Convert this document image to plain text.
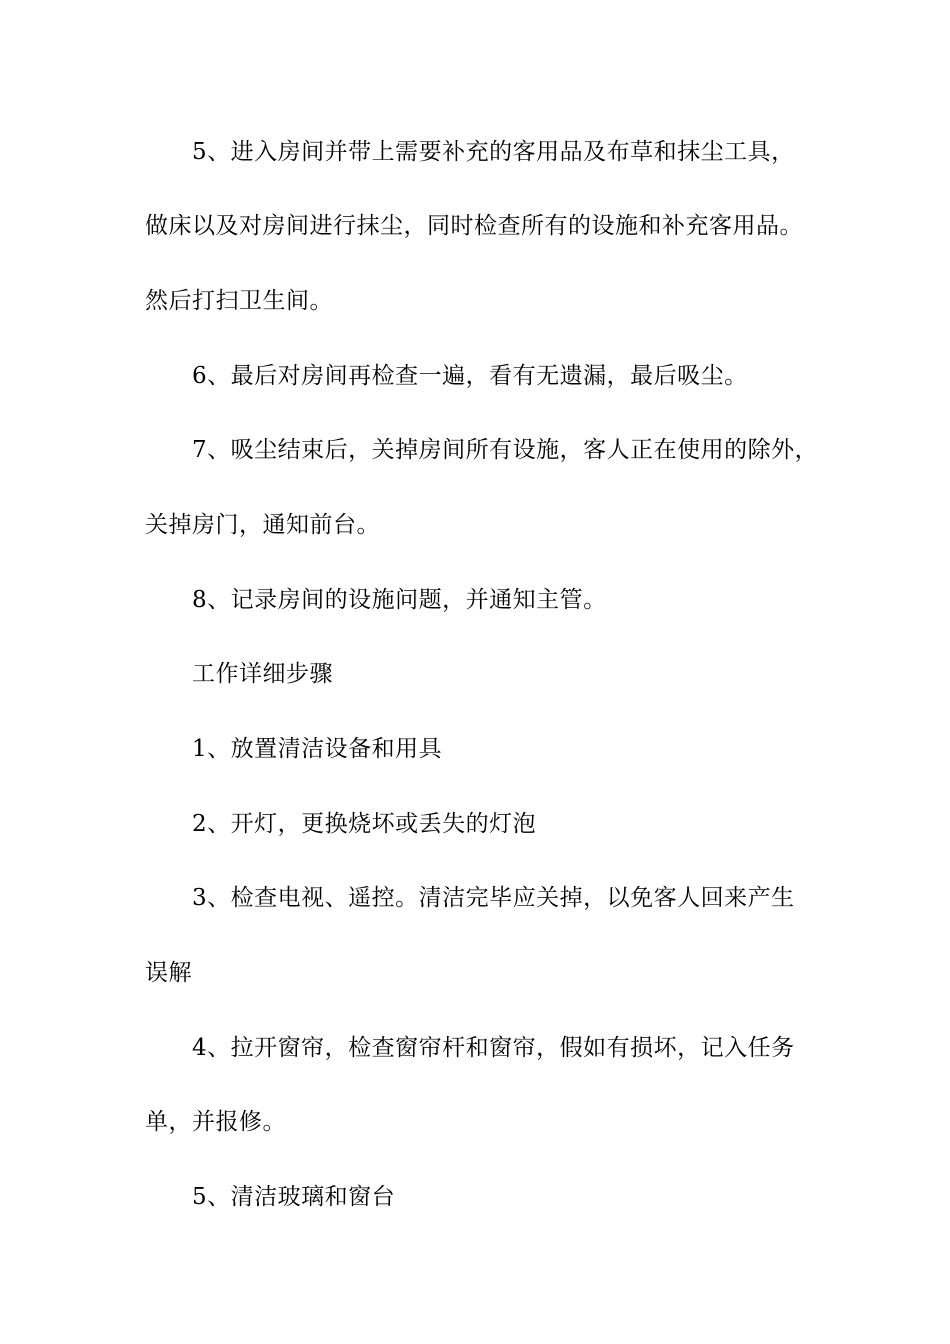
5、进入房间并带上需要补充的客用品及布草和抹尘工具，
做床以及对房间进行抹尘，同时检查所有的设施和补充客用品。
然后打扫卫生间。
6、最后对房间再检查一遍，看有无遗漏，最后吸尘。
7、吸尘结束后，关掉房间所有设施，客人正在使用的除外，
关掉房门，通知前台。
8、记录房间的设施问题，并通知主管。
工作详细步骤
1、放置清洁设备和用具
2、开灯，更换烧坏或丢失的灯泡
3、检查电视、遥控。清洁完毕应关掉，以免客人回来产生
误解
4、拉开窗帘，检查窗帘杆和窗帘，假如有损坏，记入任务
单，并报修。
5、清洁玻璃和窗台
